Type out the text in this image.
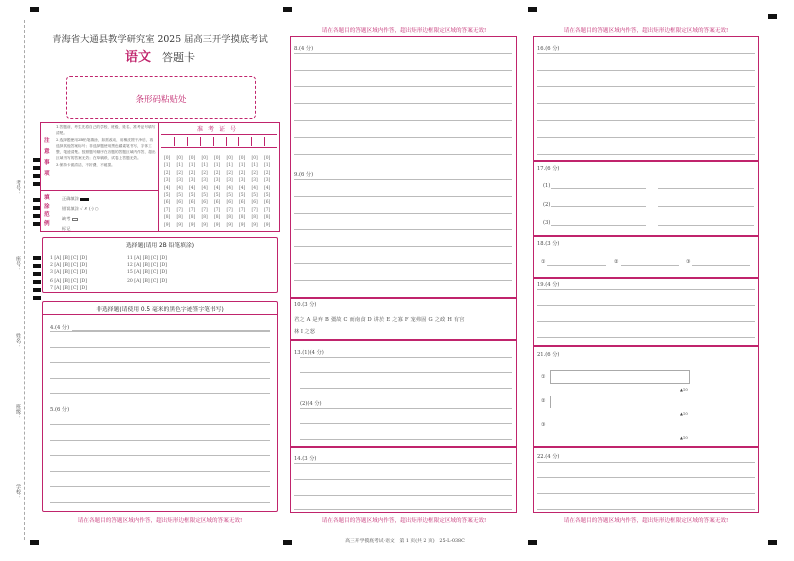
考号：
座号：
姓名：
班级：
学校：
青海省大通县教学研究室 2025 届高三开学摸底考试
语文 答题卡
条形码粘贴处
注意事项
1.答题前，考生先将自己的学校、班级、姓名、准考证号填写清楚。
2.选择题使用2B铅笔填涂，如需改动，用橡皮擦干净后，再选择其他答案标号；非选择题使用黑色碳素笔书写，字体工整，笔迹清楚。按照题号顺序在各题的答题区域内作答，超出区域书写的答案无效；在草稿纸、试卷上答题无效。
3.保持卡面清洁，不折叠，不破损。
填涂范例
正确填涂
错误填涂 ✓ ✗ (·) ○
缺考
标记
准考证号
[0]
[1]
[2]
[3]
[4]
[5]
[6]
[7]
[8]
[9]
[0]
[1]
[2]
[3]
[4]
[5]
[6]
[7]
[8]
[9]
[0]
[1]
[2]
[3]
[4]
[5]
[6]
[7]
[8]
[9]
[0]
[1]
[2]
[3]
[4]
[5]
[6]
[7]
[8]
[9]
[0]
[1]
[2]
[3]
[4]
[5]
[6]
[7]
[8]
[9]
[0]
[1]
[2]
[3]
[4]
[5]
[6]
[7]
[8]
[9]
[0]
[1]
[2]
[3]
[4]
[5]
[6]
[7]
[8]
[9]
[0]
[1]
[2]
[3]
[4]
[5]
[6]
[7]
[8]
[9]
[0]
[1]
[2]
[3]
[4]
[5]
[6]
[7]
[8]
[9]
选择题(请用 2B 铅笔填涂)
1 [A] [B] [C] [D]
2 [A] [B] [C] [D]
3 [A] [B] [C] [D]
6 [A] [B] [C] [D]
7 [A] [B] [C] [D]
11 [A] [B] [C] [D]
12 [A] [B] [C] [D]
15 [A] [B] [C] [D]
20 [A] [B] [C] [D]
非选择题(请使用 0.5 毫米的黑色字迹签字笔书写)
4.(4 分)
5.(6 分)
请在各题目的答题区域内作答，超出矩形边框限定区域的答案无效!
请在各题目的答题区域内作答，超出矩形边框限定区域的答案无效!
8.(4 分)
9.(6 分)
10.(3 分)
君之 A 是弃 B 彊故 C 而南食 D 讲於 E 之寡 F 宠弗固 G 之政 H 有宫
林 I 之怒
13.(1)(4 分)
(2)(4 分)
14.(3 分)
请在各题目的答题区域内作答，超出矩形边框限定区域的答案无效!
请在各题目的答题区域内作答，超出矩形边框限定区域的答案无效!
16.(6 分)
17.(6 分)
(1)
(2)
(3)
18.(3 分)
①	②	③
19.(4 分)
21.(6 分)
①
②
③
▲10
▲10
▲10
22.(4 分)
请在各题目的答题区域内作答，超出矩形边框限定区域的答案无效!
高三开学摸底考试·语文　第 1 页(共 2 页)　25-L-038C
